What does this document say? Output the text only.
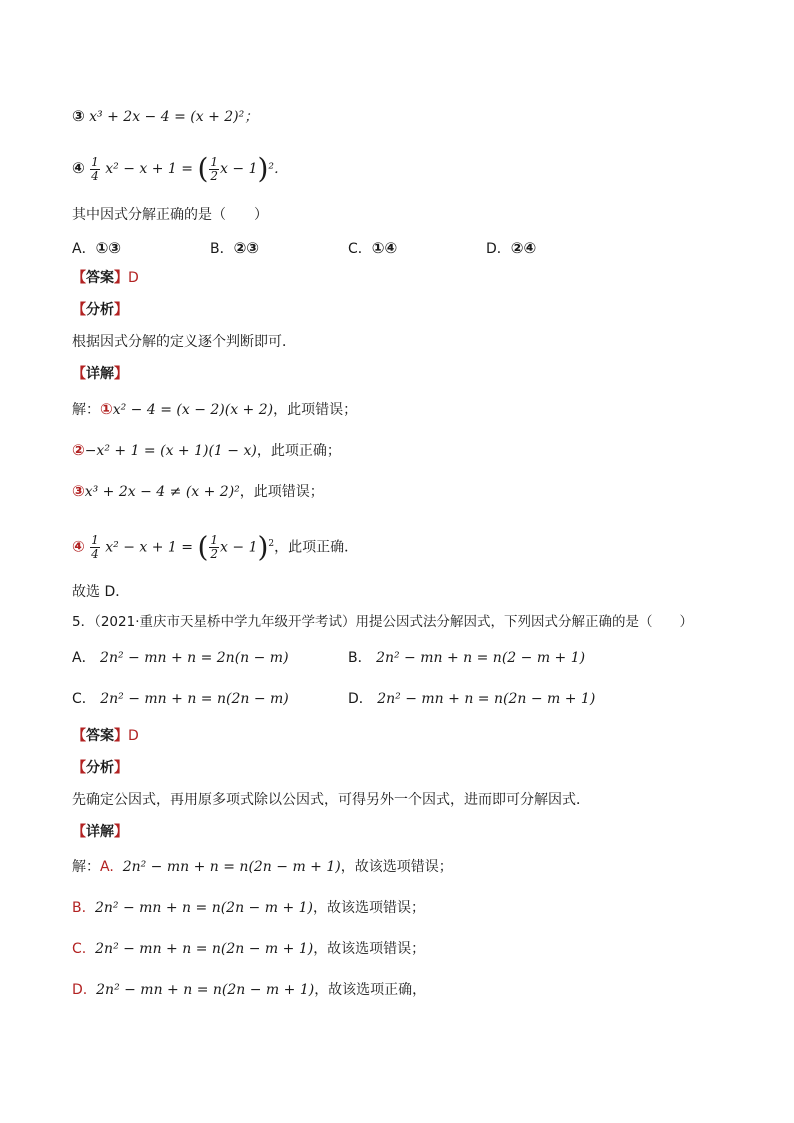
③ x³ + 2x − 4 = (x + 2)²；
④ $\frac{1}{4} x^2 - x + 1$ = ( $\frac{1}{2}$ x − 1)²．
其中因式分解正确的是（　　）
A．①③	B．②③	C．①④	D．②④
【答案】D
【分析】
根据因式分解的定义逐个判断即可．
【详解】
解：①x² − 4 = (x − 2)(x + 2)，此项错误；
②−x² + 1 = (x + 1)(1 − x)，此项正确；
③x³ + 2x − 4 ≠ (x + 2)²，此项错误；
④ $\frac{1}{4} x^2 - x + 1$ = ( $\frac{1}{2}$ x − 1)$^2$，此项正确．
故选 D．
5．（2021·重庆市天星桥中学九年级开学考试）用提公因式法分解因式，下列因式分解正确的是（　　）
A． 2n² − mn + n = 2n(n − m)	B． 2n² − mn + n = n(2 − m + 1)
C． 2n² − mn + n = n(2n − m)	D． 2n² − mn + n = n(2n − m + 1)
【答案】D
【分析】
先确定公因式，再用原多项式除以公因式，可得另外一个因式，进而即可分解因式．
【详解】
解：A. 2n² − mn + n = n(2n − m + 1)，故该选项错误；
B. 2n² − mn + n = n(2n − m + 1)，故该选项错误；
C. 2n² − mn + n = n(2n − m + 1)，故该选项错误；
D. 2n² − mn + n = n(2n − m + 1)，故该选项正确，
